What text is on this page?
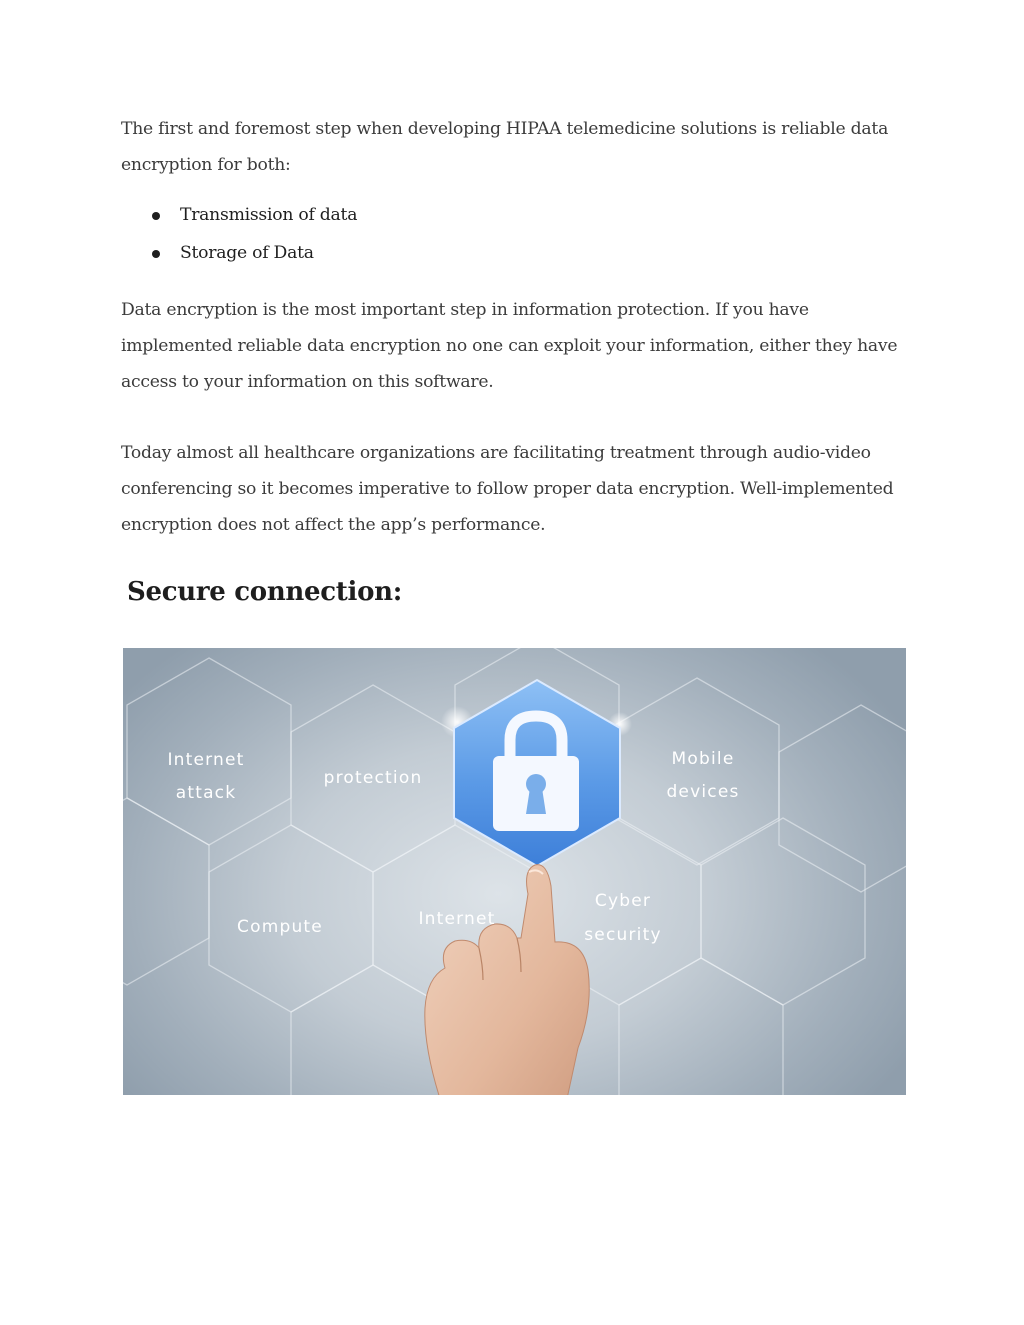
The first and foremost step when developing HIPAA telemedicine solutions is reliable data encryption for both:

Transmission of data
Storage of Data

Data encryption is the most important step in information protection. If you have implemented reliable data encryption no one can exploit your information, either they have access to your information on this software.

Today almost all healthcare organizations are facilitating treatment through audio-video conferencing so it becomes imperative to follow proper data encryption. Well-implemented encryption does not affect the app’s performance.

Secure connection:
Internet
attack
protection
Mobile
devices
Compute	Internet
Cyber
security
